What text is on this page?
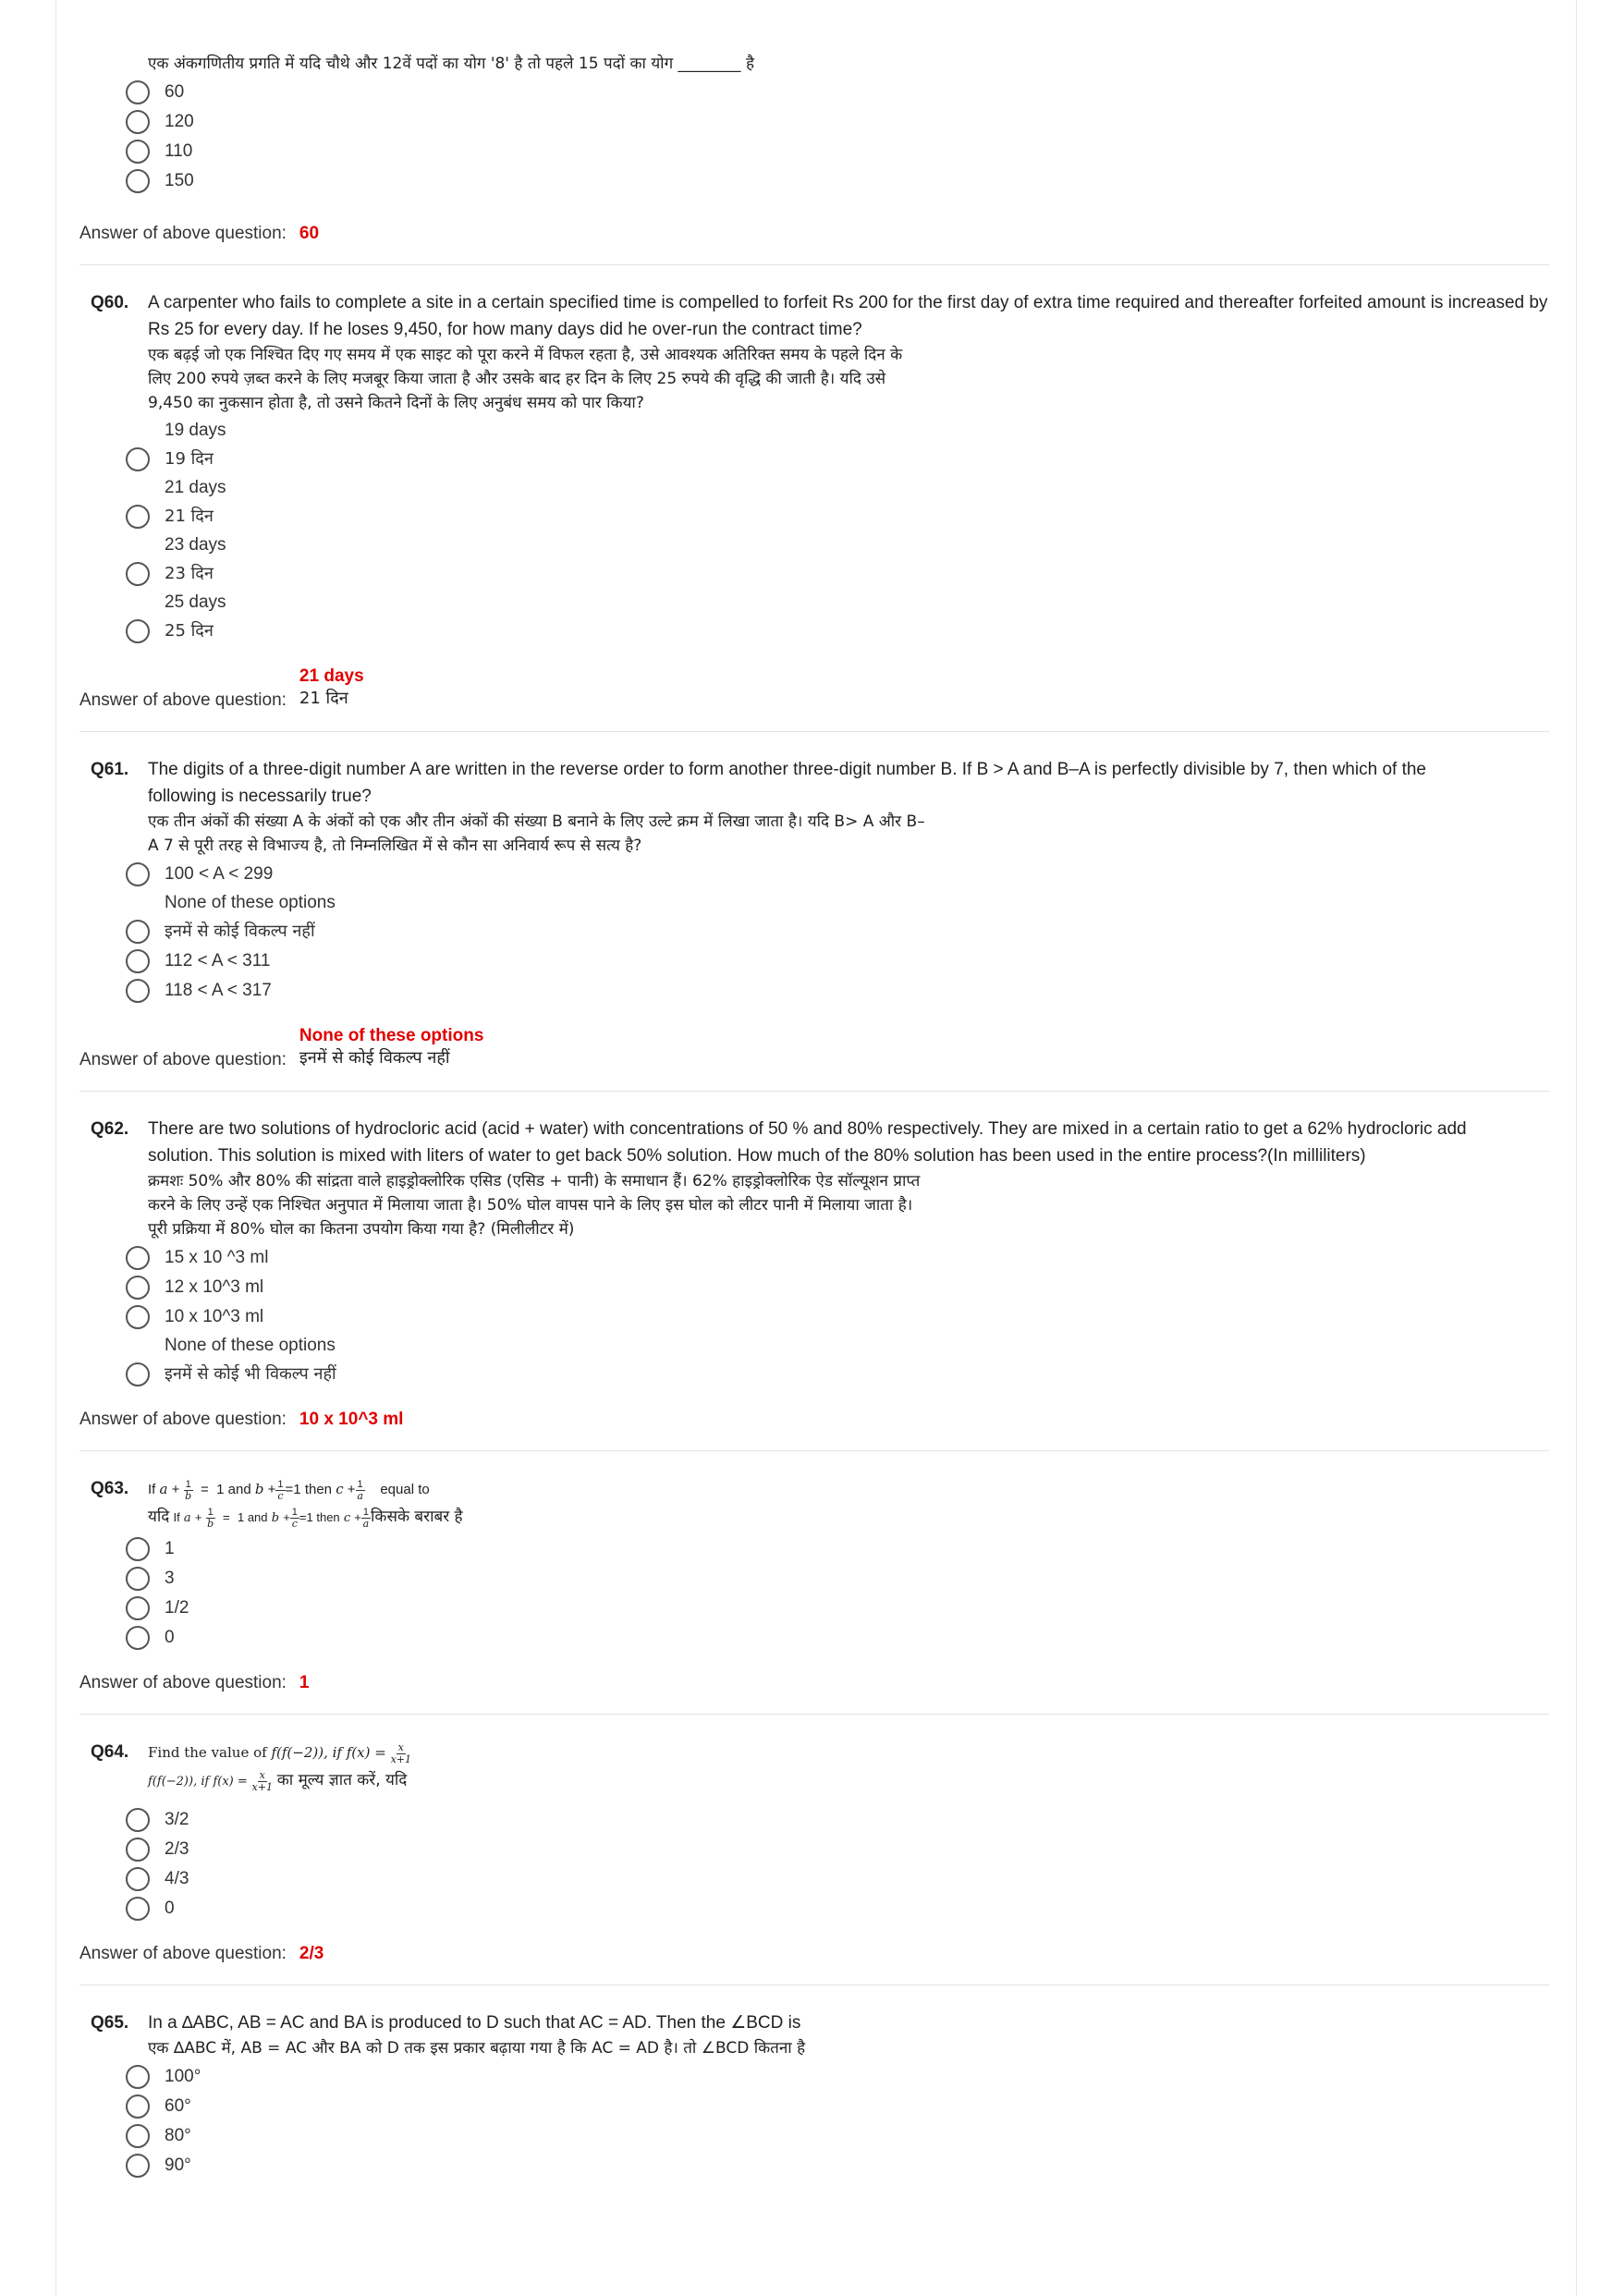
एक अंकगणितीय प्रगति में यदि चौथे और 12वें पदों का योग '8' है तो पहले 15 पदों का योग ________ है
60
120
110
150
Answer of above question: 60
Q60.	A carpenter who fails to complete a site in a certain specified time is compelled to forfeit Rs 200 for the first day of extra time required and thereafter forfeited amount is increased by Rs 25 for every day. If he loses 9,450, for how many days did he over-run the contract time?
एक बढ़ई जो एक निश्चित दिए गए समय में एक साइट को पूरा करने में विफल रहता है, उसे आवश्यक अतिरिक्त समय के पहले दिन के
लिए 200 रुपये ज़ब्त करने के लिए मजबूर किया जाता है और उसके बाद हर दिन के लिए 25 रुपये की वृद्धि की जाती है। यदि उसे
9,450 का नुकसान होता है, तो उसने कितने दिनों के लिए अनुबंध समय को पार किया?
19 days
19 दिन
21 days
21 दिन
23 days
23 दिन
25 days
25 दिन
Answer of above question:
21 days
21 दिन
Q61.	The digits of a three-digit number A are written in the reverse order to form another three-digit number B. If B > A and B–A is perfectly divisible by 7, then which of the
following is necessarily true?
एक तीन अंकों की संख्या A के अंकों को एक और तीन अंकों की संख्या B बनाने के लिए उल्टे क्रम में लिखा जाता है। यदि B> A और B–
A 7 से पूरी तरह से विभाज्य है, तो निम्नलिखित में से कौन सा अनिवार्य रूप से सत्य है?
100 < A < 299
None of these options
इनमें से कोई विकल्प नहीं
112 < A < 311
118 < A < 317
Answer of above question:
None of these options
इनमें से कोई विकल्प नहीं
Q62.	There are two solutions of hydrocloric acid (acid + water) with concentrations of 50 % and 80% respectively. They are mixed in a certain ratio to get a 62% hydrocloric add
solution. This solution is mixed with liters of water to get back 50% solution. How much of the 80% solution has been used in the entire process?(In milliliters)
क्रमशः 50% और 80% की सांद्रता वाले हाइड्रोक्लोरिक एसिड (एसिड + पानी) के समाधान हैं। 62% हाइड्रोक्लोरिक ऐड सॉल्यूशन प्राप्त
करने के लिए उन्हें एक निश्चित अनुपात में मिलाया जाता है। 50% घोल वापस पाने के लिए इस घोल को लीटर पानी में मिलाया जाता है।
पूरी प्रक्रिया में 80% घोल का कितना उपयोग किया गया है? (मिलीलीटर में)
15 x 10 ^3 ml
12 x 10^3 ml
10 x 10^3 ml
None of these options
इनमें से कोई भी विकल्प नहीं
Answer of above question: 10 x 10^3 ml
Q63.	If $a + \frac{1}{b} = 1$ and $b + \frac{1}{c} =1$ then $c + \frac{1}{a}$ equal to
यदि If $a + \frac{1}{b} = 1$ and $b + \frac{1}{c} =1$ then $c + \frac{1}{a}$ किसके बराबर है
1
3
1/2
0
Answer of above question: 1
Q64.	Find the value of f(f(−2)), if $f(x) = \frac{x}{x+1}$
f(f(−2)), if $f(x) = \frac{x}{x+1}$ का मूल्य ज्ञात करें, यदि
3/2
2/3
4/3
0
Answer of above question: 2/3
Q65.	In a ∆ABC, AB = AC and BA is produced to D such that AC = AD. Then the ∠BCD is
एक ∆ABC में, AB = AC और BA को D तक इस प्रकार बढ़ाया गया है कि AC = AD है। तो ∠BCD कितना है
100°
60°
80°
90°
